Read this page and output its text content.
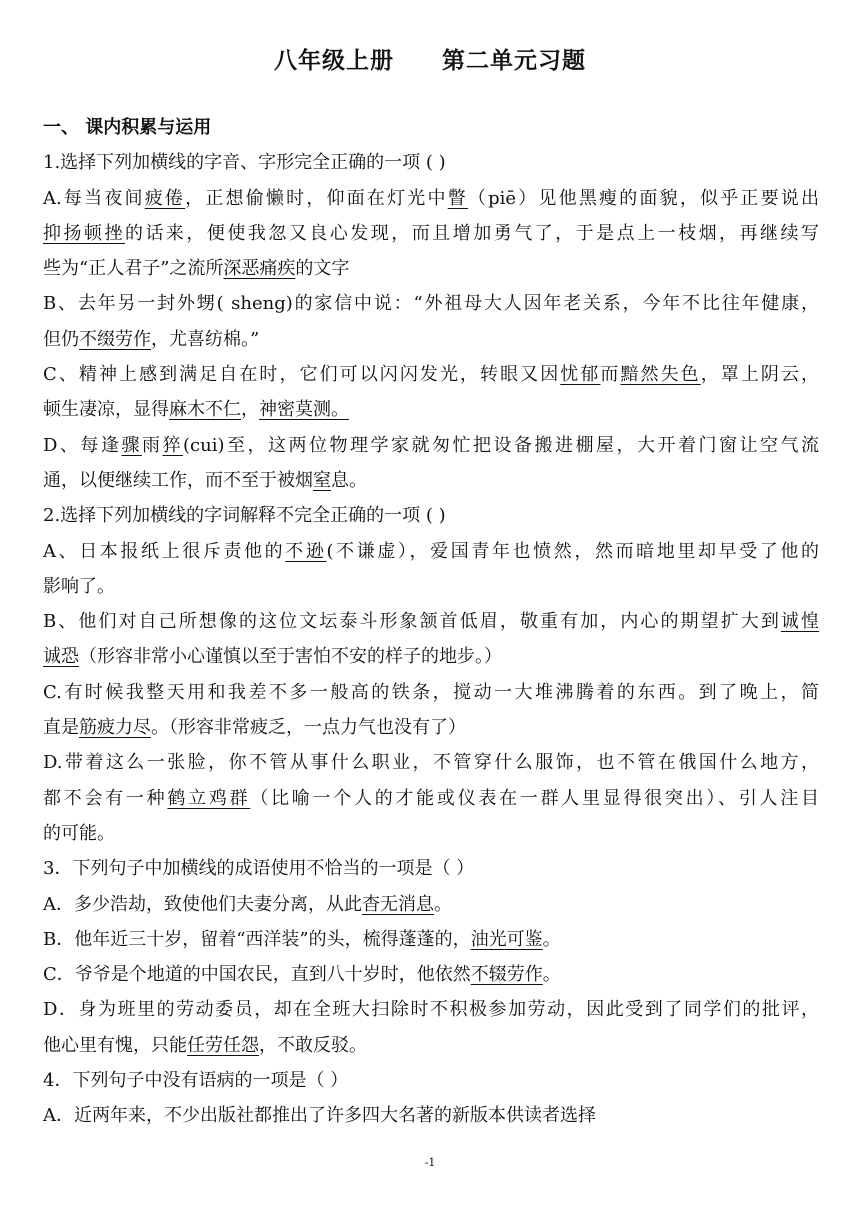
八年级上册 第二单元习题
一、 课内积累与运用
1.选择下列加横线的字音、字形完全正确的一项 ( )
A.每当夜间疲倦，正想偷懒时，仰面在灯光中瞥（piē）见他黑瘦的面貌，似乎正要说出
抑扬顿挫的话来，便使我忽又良心发现，而且增加勇气了，于是点上一枝烟，再继续写
些为“正人君子”之流所深恶痛疾的文字
B、去年另一封外甥( sheng)的家信中说：“外祖母大人因年老关系，今年不比往年健康，
但仍不缀劳作，尤喜纺棉。”
C、精神上感到满足自在时，它们可以闪闪发光，转眼又因忧郁而黯然失色，罩上阴云，
顿生凄凉，显得麻木不仁，神密莫测。
D、每逢骤雨猝(cui)至，这两位物理学家就匆忙把设备搬进棚屋，大开着门窗让空气流
通，以便继续工作，而不至于被烟窒息。
2.选择下列加横线的字词解释不完全正确的一项 ( )
A、日本报纸上很斥责他的不逊(不谦虚），爱国青年也愤然，然而暗地里却早受了他的
影响了。
B、他们对自己所想像的这位文坛泰斗形象颔首低眉，敬重有加，内心的期望扩大到诚惶
诚恐（形容非常小心谨慎以至于害怕不安的样子的地步。）
C.有时候我整天用和我差不多一般高的铁条，搅动一大堆沸腾着的东西。到了晚上，简
直是筋疲力尽。（形容非常疲乏，一点力气也没有了）
D.带着这么一张脸，你不管从事什么职业，不管穿什么服饰，也不管在俄国什么地方，
都不会有一种鹤立鸡群（比喻一个人的才能或仪表在一群人里显得很突出）、引人注目
的可能。
3．下列句子中加横线的成语使用不恰当的一项是（ ）
A．多少浩劫，致使他们夫妻分离，从此杳无消息。
B．他年近三十岁，留着“西洋装”的头，梳得蓬蓬的，油光可鉴。
C．爷爷是个地道的中国农民，直到八十岁时，他依然不辍劳作。
D．身为班里的劳动委员，却在全班大扫除时不积极参加劳动，因此受到了同学们的批评，
他心里有愧，只能任劳任怨，不敢反驳。
4．下列句子中没有语病的一项是（ ）
A．近两年来，不少出版社都推出了许多四大名著的新版本供读者选择
-1
